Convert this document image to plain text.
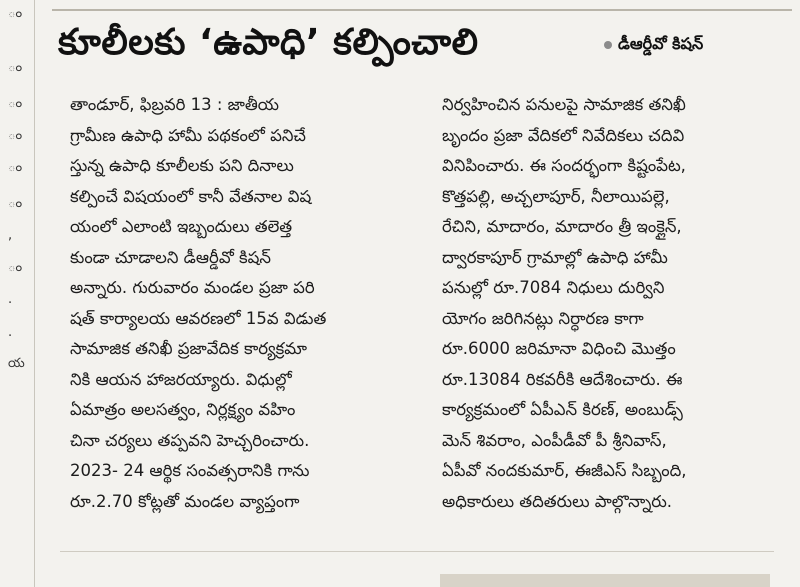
ం
ం
ం
ం
ం
ం
,
ం
.
.
య
కూలీలకు ‘ఉపాధి’ కల్పించాలి	డీఆర్డీవో కిషన్

తాండూర్, ఫిబ్రవరి 13 : జాతీయ

గ్రామీణ ఉపాధి హామీ పథకంలో పనిచే

స్తున్న ఉపాధి కూలీలకు పని దినాలు

కల్పించే విషయంలో కానీ వేతనాల విష

యంలో ఎలాంటి ఇబ్బందులు తలెత్త

కుండా చూడాలని డీఆర్డీవో కిషన్

అన్నారు. గురువారం మండల ప్రజా పరి

షత్ కార్యాలయ ఆవరణలో 15వ విడుత

సామాజిక తనిఖీ ప్రజావేదిక కార్యక్రమా

నికి ఆయన హాజరయ్యారు. విధుల్లో

ఏమాత్రం అలసత్వం, నిర్లక్ష్యం వహిం

చినా చర్యలు తప్పవని హెచ్చరించారు.

2023- 24 ఆర్థిక సంవత్సరానికి గాను

రూ.2.70 కోట్లతో మండల వ్యాప్తంగా

నిర్వహించిన పనులపై సామాజిక తనిఖీ

బృందం ప్రజా వేదికలో నివేదికలు చదివి

వినిపించారు. ఈ సందర్భంగా కిష్టంపేట,

కొత్తపల్లి, అచ్చలాపూర్, నీలాయిపల్లె,

రేచిని, మాదారం, మాదారం త్రీ ఇంక్లైన్,

ద్వారకాపూర్ గ్రామాల్లో ఉపాధి హామీ

పనుల్లో రూ.7084 నిధులు దుర్విని

యోగం జరిగినట్లు నిర్ధారణ కాగా

రూ.6000 జరిమానా విధించి మొత్తం

రూ.13084 రికవరీకి ఆదేశించారు. ఈ

కార్యక్రమంలో ఏపీఎన్ కిరణ్, అంబుడ్స్

మెన్ శివరాం, ఎంపీడీవో పీ శ్రీనివాస్,

ఏపీవో నందకుమార్, ఈజీఎస్ సిబ్బంది,

అధికారులు తదితరులు పాల్గొన్నారు.
